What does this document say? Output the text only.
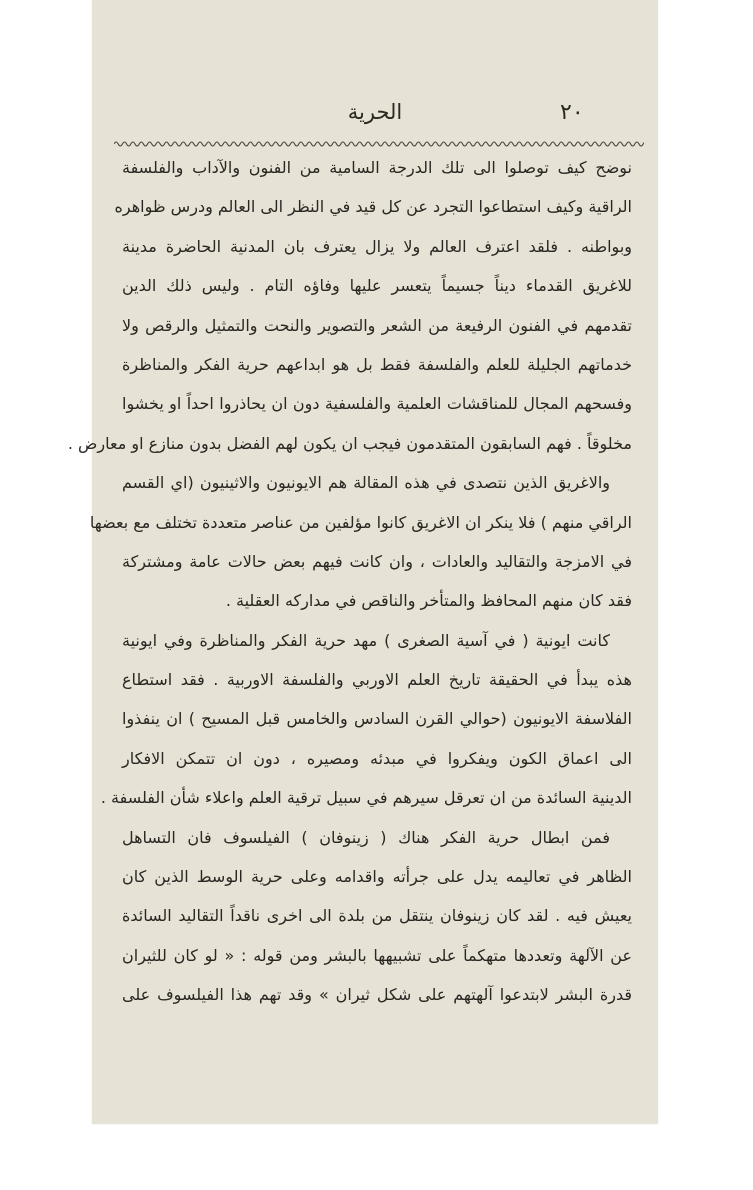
٢٠
الحرية
نوضح كيف توصلوا الى تلك الدرجة السامية من الفنون والآداب والفلسفة
الراقية وكيف استطاعوا التجرد عن كل قيد في النظر الى العالم ودرس ظواهره
وبواطنه . فلقد اعترف العالم ولا يزال يعترف بان المدنية الحاضرة مدينة
للاغريق القدماء ديناً جسيماً يتعسر عليها وفاؤه التام . وليس ذلك الدين
تقدمهم في الفنون الرفيعة من الشعر والتصوير والنحت والتمثيل والرقص ولا
خدماتهم الجليلة للعلم والفلسفة فقط بل هو ابداعهم حرية الفكر والمناظرة
وفسحهم المجال للمناقشات العلمية والفلسفية دون ان يحاذروا احداً او يخشوا
مخلوقاً . فهم السابقون المتقدمون فيجب ان يكون لهم الفضل بدون منازع او معارض .
والاغريق الذين نتصدى في هذه المقالة هم الايونيون والاثينيون (اي القسم
الراقي منهم ) فلا ينكر ان الاغريق كانوا مؤلفين من عناصر متعددة تختلف مع بعضها
في الامزجة والتقاليد والعادات ، وان كانت فيهم بعض حالات عامة ومشتركة
فقد كان منهم المحافظ والمتأخر والناقص في مداركه العقلية .
كانت ايونية ( في آسية الصغرى ) مهد حرية الفكر والمناظرة وفي ايونية
هذه يبدأ في الحقيقة تاريخ العلم الاوربي والفلسفة الاوربية . فقد استطاع
الفلاسفة الايونيون (حوالي القرن السادس والخامس قبل المسيح ) ان ينفذوا
الى اعماق الكون ويفكروا في مبدئه ومصيره ، دون ان تتمكن الافكار
الدينية السائدة من ان تعرقل سيرهم في سبيل ترقية العلم واعلاء شأن الفلسفة .
فمن ابطال حرية الفكر هناك ( زينوفان ) الفيلسوف فان التساهل
الظاهر في تعاليمه يدل على جرأته واقدامه وعلى حرية الوسط الذين كان
يعيش فيه . لقد كان زينوفان ينتقل من بلدة الى اخرى ناقداً التقاليد السائدة
عن الآلهة وتعددها متهكماً على تشبيهها بالبشر ومن قوله : « لو كان للثيران
قدرة البشر لابتدعوا آلهتهم على شكل ثيران » وقد تهم هذا الفيلسوف على
